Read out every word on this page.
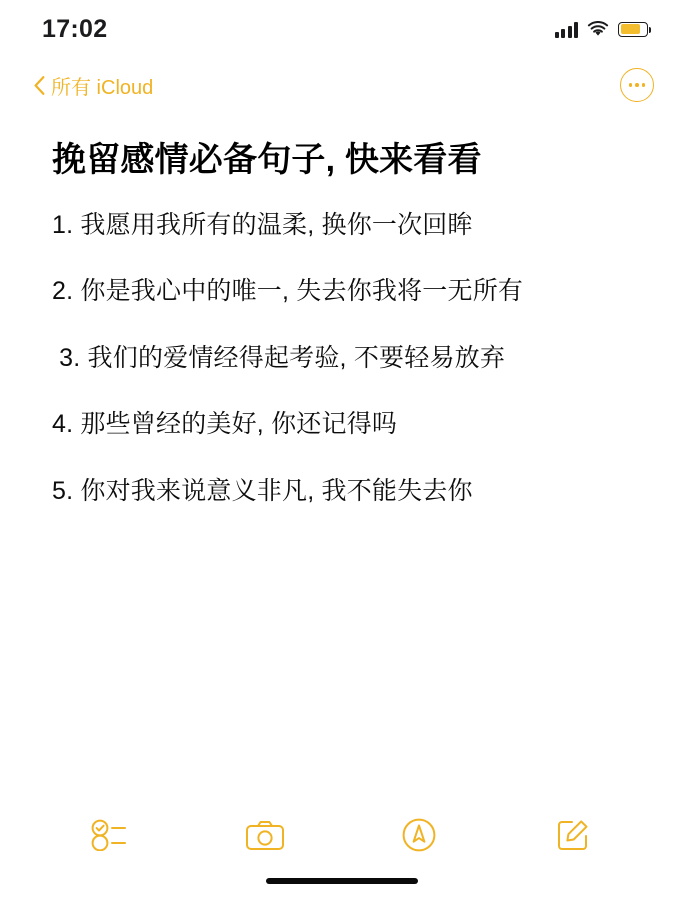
17:02
所有 iCloud
挽留感情必备句子, 快来看看
1. 我愿用我所有的温柔, 换你一次回眸
2. 你是我心中的唯一, 失去你我将一无所有
3. 我们的爱情经得起考验, 不要轻易放弃
4. 那些曾经的美好, 你还记得吗
5. 你对我来说意义非凡, 我不能失去你
